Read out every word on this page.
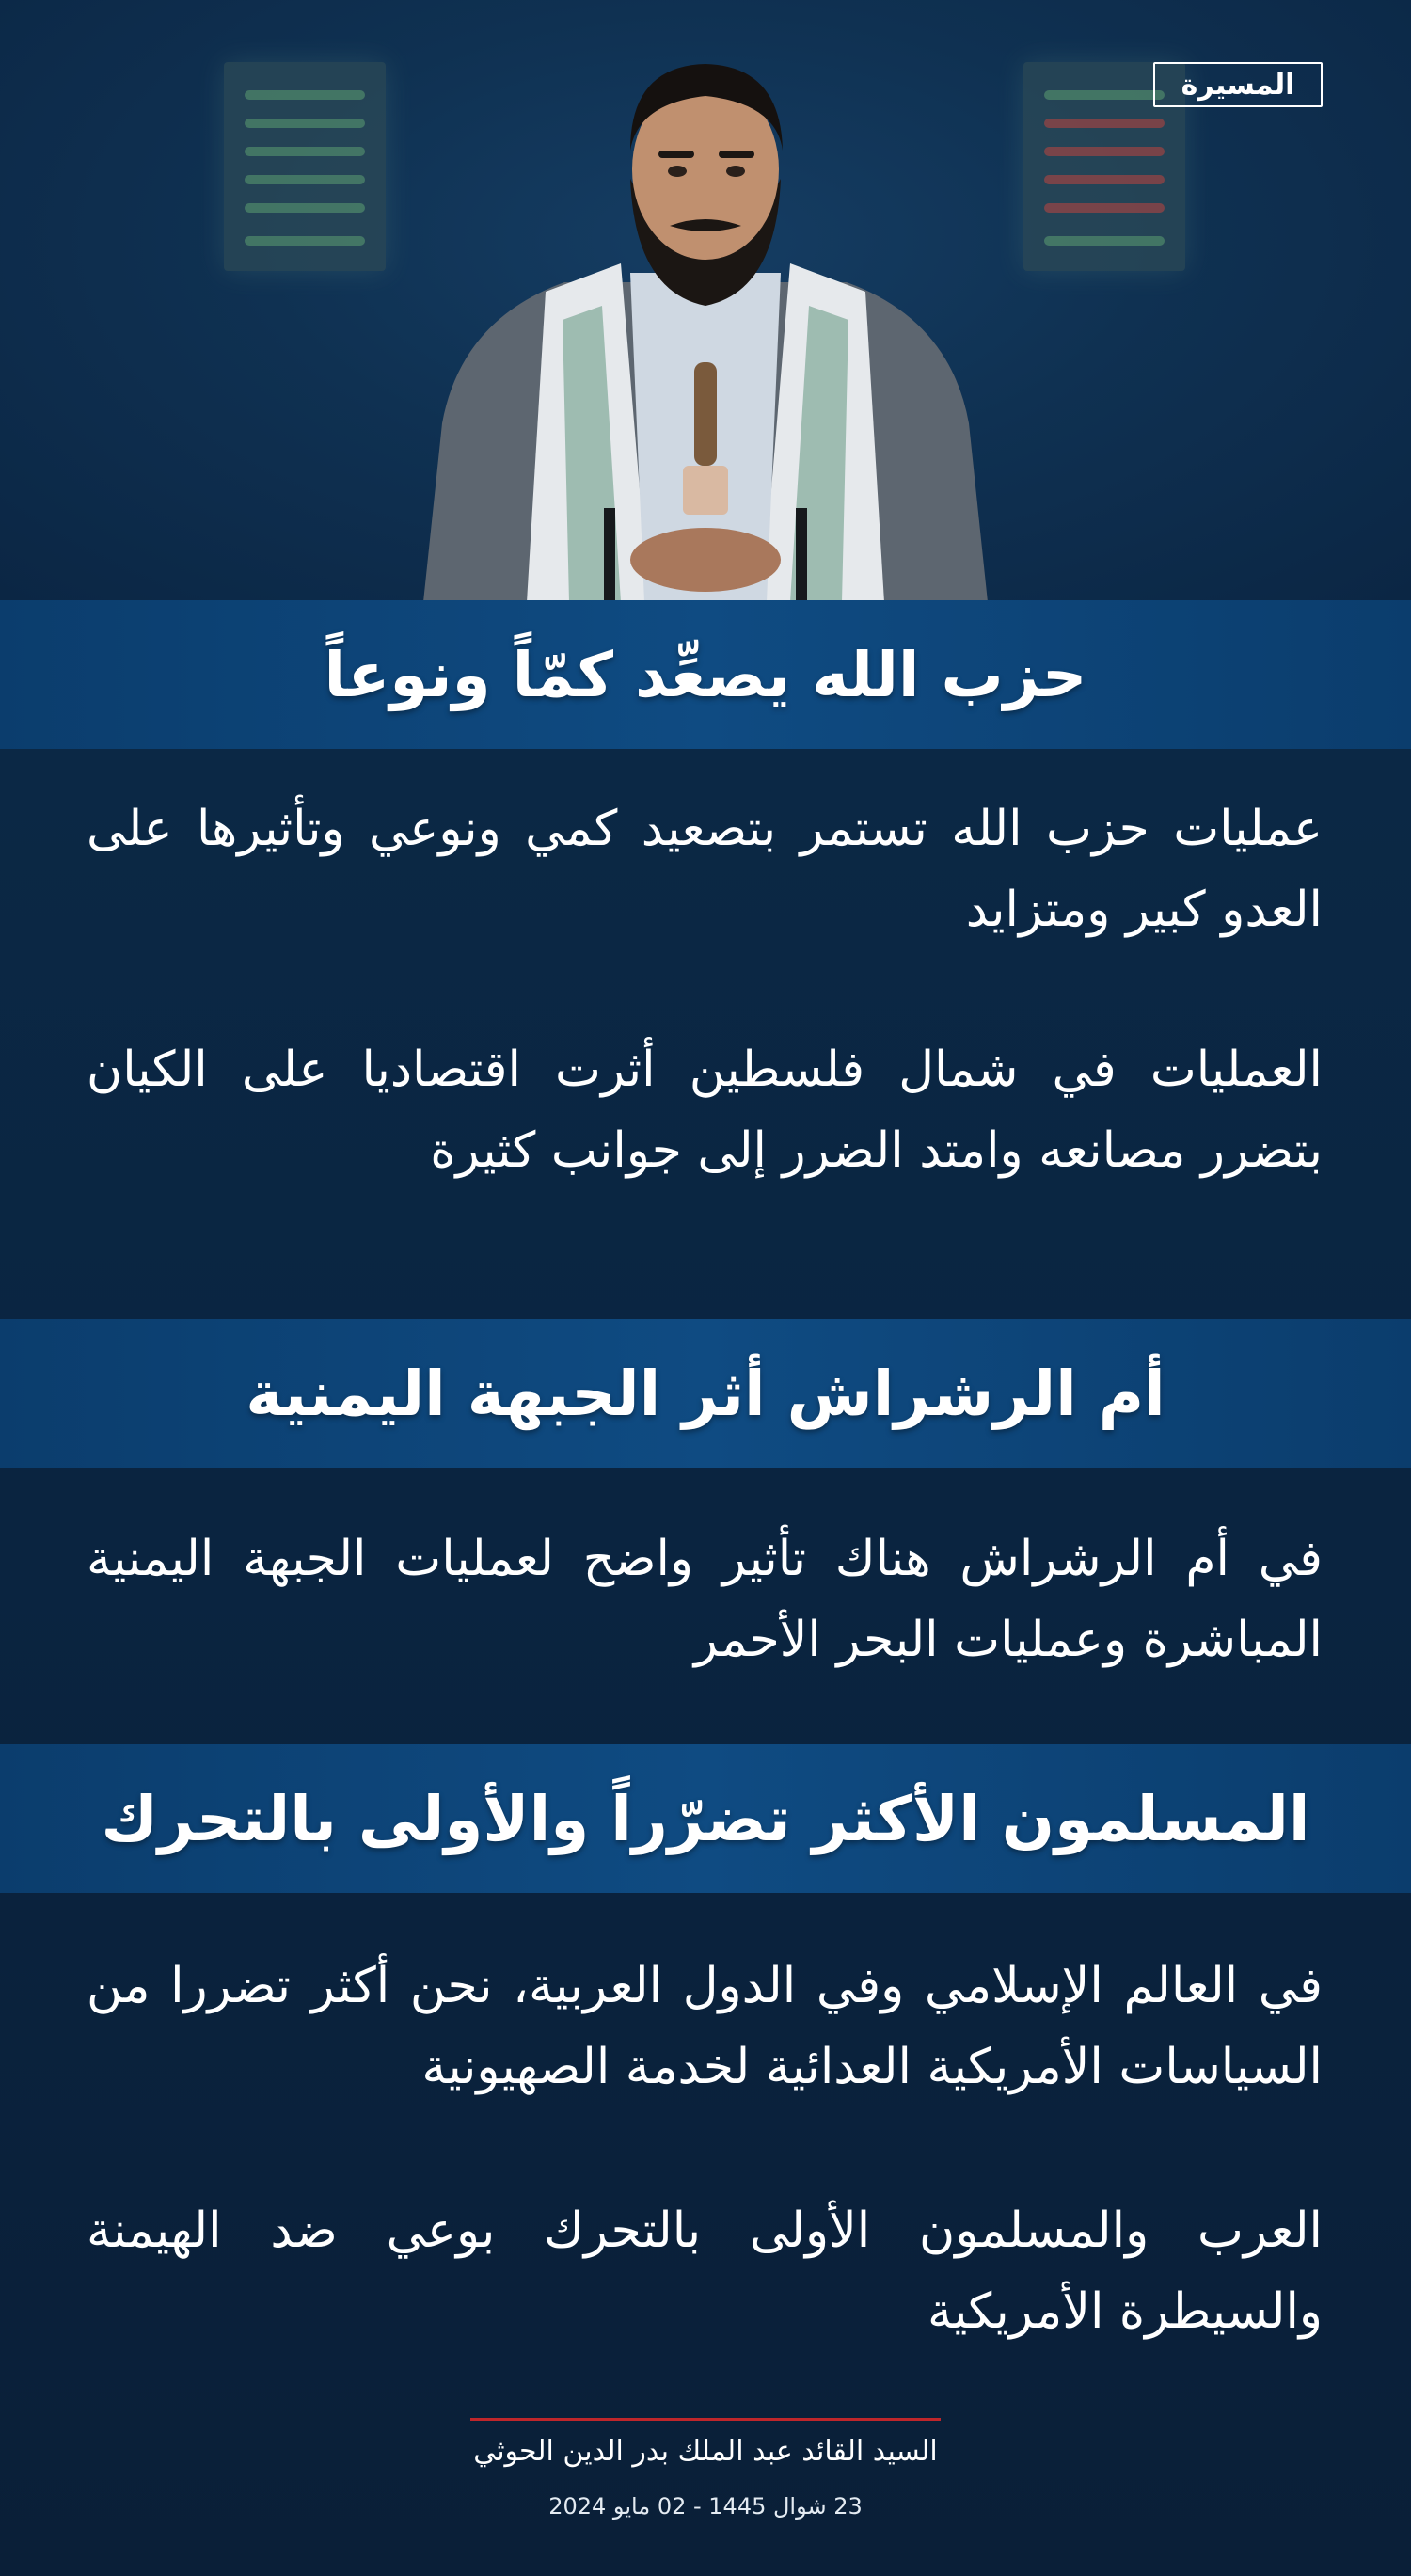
المسيرة
حزب الله يصعِّد كمّاً ونوعاً

عمليات حزب الله تستمر بتصعيد كمي ونوعي وتأثيرها على العدو كبير ومتزايد

العمليات في شمال فلسطين أثرت اقتصاديا على الكيان بتضرر مصانعه وامتد الضرر إلى جوانب كثيرة

أم الرشراش أثر الجبهة اليمنية

في أم الرشراش هناك تأثير واضح لعمليات الجبهة اليمنية المباشرة وعمليات البحر الأحمر

المسلمون الأكثر تضرّراً والأولى بالتحرك

في العالم الإسلامي وفي الدول العربية، نحن أكثر تضررا من السياسات الأمريكية العدائية لخدمة الصهيونية

العرب والمسلمون الأولى بالتحرك بوعي ضد الهيمنة والسيطرة الأمريكية

السيد القائد عبد الملك بدر الدين الحوثي
23 شوال 1445 - 02 مايو 2024
